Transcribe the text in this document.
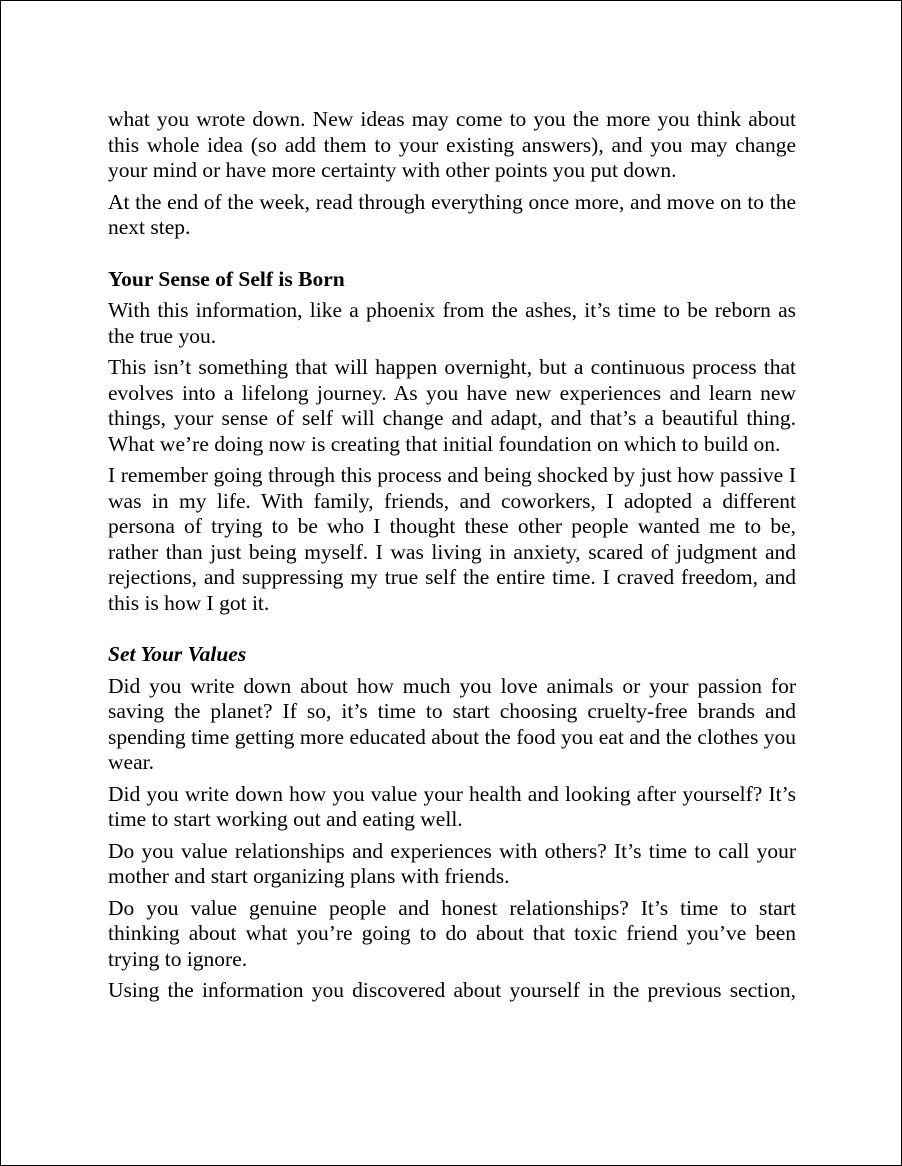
what you wrote down. New ideas may come to you the more you think about this whole idea (so add them to your existing answers), and you may change your mind or have more certainty with other points you put down.

At the end of the week, read through everything once more, and move on to the next step.

Your Sense of Self is Born

With this information, like a phoenix from the ashes, it’s time to be reborn as the true you.

This isn’t something that will happen overnight, but a continuous process that evolves into a lifelong journey. As you have new experiences and learn new things, your sense of self will change and adapt, and that’s a beautiful thing. What we’re doing now is creating that initial foundation on which to build on.

I remember going through this process and being shocked by just how passive I was in my life. With family, friends, and coworkers, I adopted a different persona of trying to be who I thought these other people wanted me to be, rather than just being myself. I was living in anxiety, scared of judgment and rejections, and suppressing my true self the entire time. I craved freedom, and this is how I got it.

Set Your Values

Did you write down about how much you love animals or your passion for saving the planet? If so, it’s time to start choosing cruelty-free brands and spending time getting more educated about the food you eat and the clothes you wear.

Did you write down how you value your health and looking after yourself? It’s time to start working out and eating well.

Do you value relationships and experiences with others? It’s time to call your mother and start organizing plans with friends.

Do you value genuine people and honest relationships? It’s time to start thinking about what you’re going to do about that toxic friend you’ve been trying to ignore.

Using the information you discovered about yourself in the previous section,
